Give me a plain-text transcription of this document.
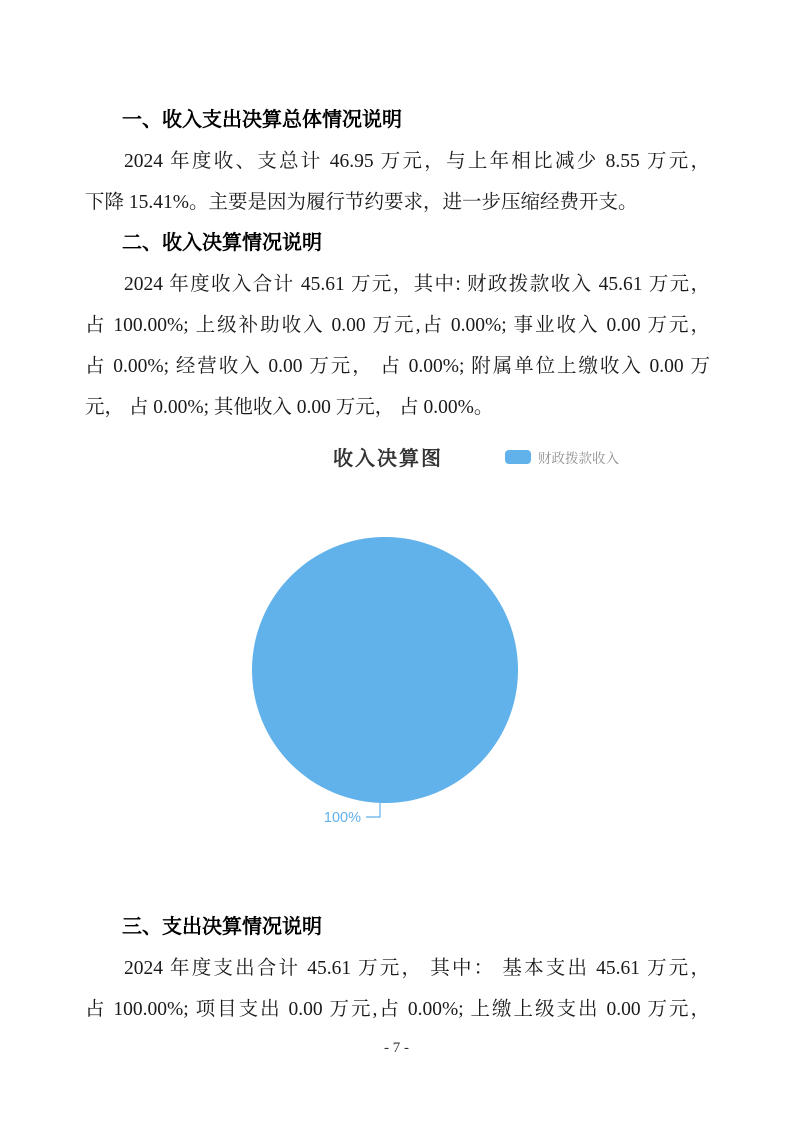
一、收入支出决算总体情况说明
2024 年度收、支总计 46.95 万元，与上年相比减少 8.55 万元，
下降 15.41%。主要是因为履行节约要求，进一步压缩经费开支。
二、收入决算情况说明
2024 年度收入合计 45.61 万元，其中: 财政拨款收入 45.61 万元，
占 100.00%; 上级补助收入 0.00 万元,占 0.00%; 事业收入 0.00 万元，
占 0.00%; 经营收入 0.00 万元， 占 0.00%; 附属单位上缴收入 0.00 万
元， 占 0.00%; 其他收入 0.00 万元， 占 0.00%。
收入决算图	财政拨款收入
100%
三、支出决算情况说明
2024 年度支出合计 45.61 万元， 其中： 基本支出 45.61 万元，
占 100.00%; 项目支出 0.00 万元,占 0.00%; 上缴上级支出 0.00 万元，
- 7 -
